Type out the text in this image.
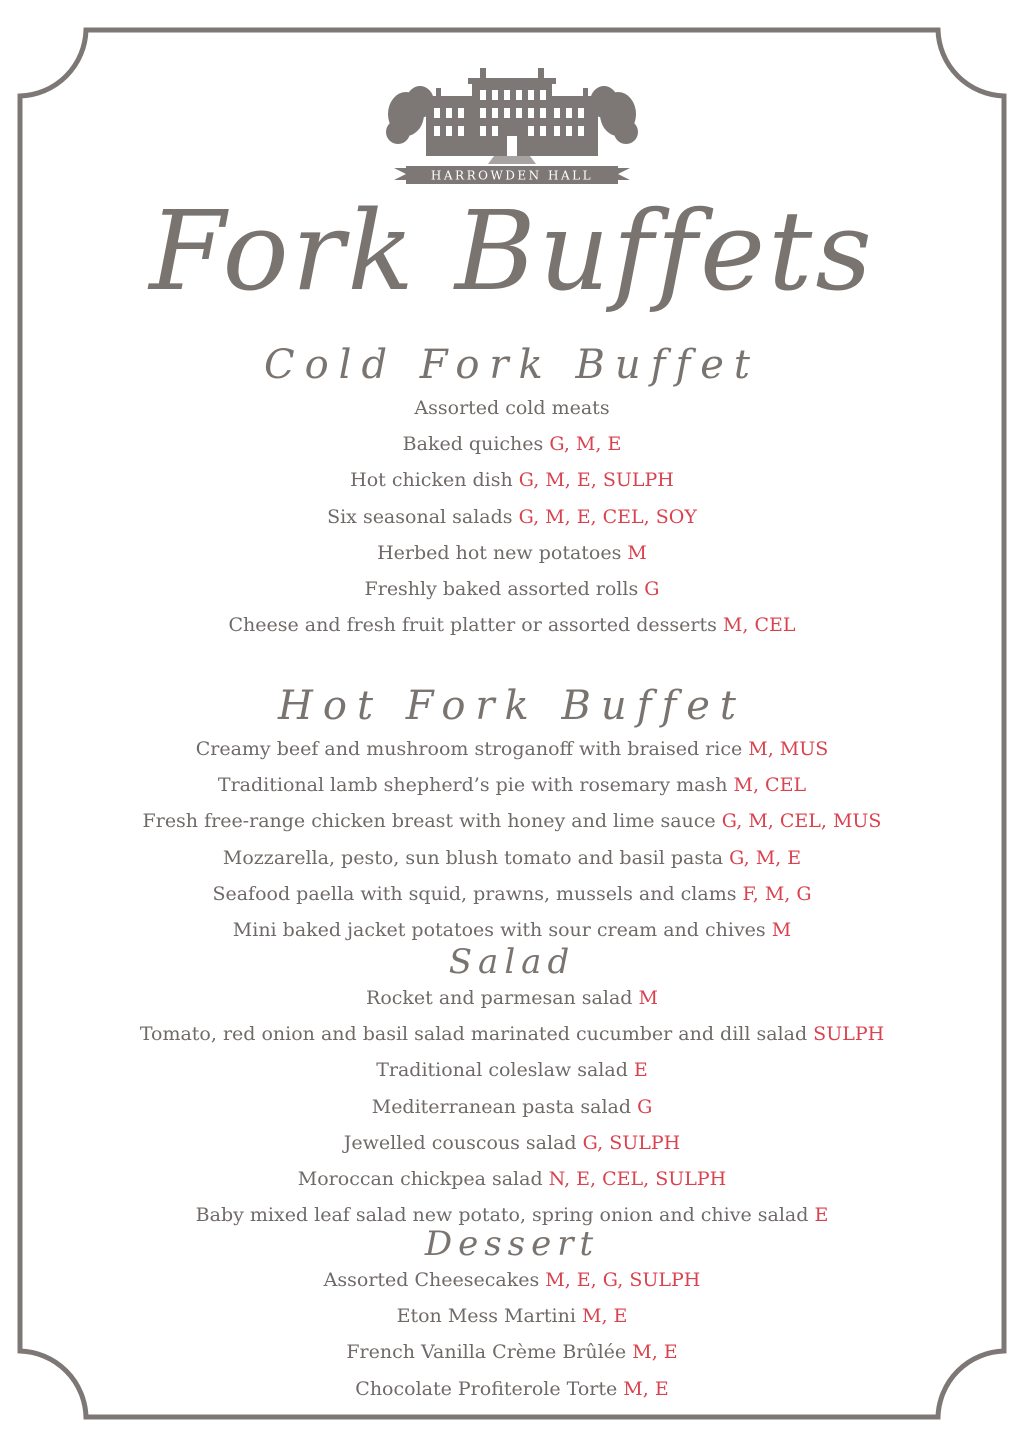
HARROWDEN HALL
Fork Buffets
Cold Fork Buffet
Assorted cold meats
Baked quiches G, M, E
Hot chicken dish G, M, E, SULPH
Six seasonal salads G, M, E, CEL, SOY
Herbed hot new potatoes M
Freshly baked assorted rolls G
Cheese and fresh fruit platter or assorted desserts M, CEL
Hot Fork Buffet
Creamy beef and mushroom stroganoff with braised rice M, MUS
Traditional lamb shepherd’s pie with rosemary mash M, CEL
Fresh free-range chicken breast with honey and lime sauce G, M, CEL, MUS
Mozzarella, pesto, sun blush tomato and basil pasta G, M, E
Seafood paella with squid, prawns, mussels and clams F, M, G
Mini baked jacket potatoes with sour cream and chives M
Salad
Rocket and parmesan salad M
Tomato, red onion and basil salad marinated cucumber and dill salad SULPH
Traditional coleslaw salad E
Mediterranean pasta salad G
Jewelled couscous salad G, SULPH
Moroccan chickpea salad N, E, CEL, SULPH
Baby mixed leaf salad new potato, spring onion and chive salad E
Dessert
Assorted Cheesecakes M, E, G, SULPH
Eton Mess Martini M, E
French Vanilla Crème Brûlée M, E
Chocolate Profiterole Torte M, E
